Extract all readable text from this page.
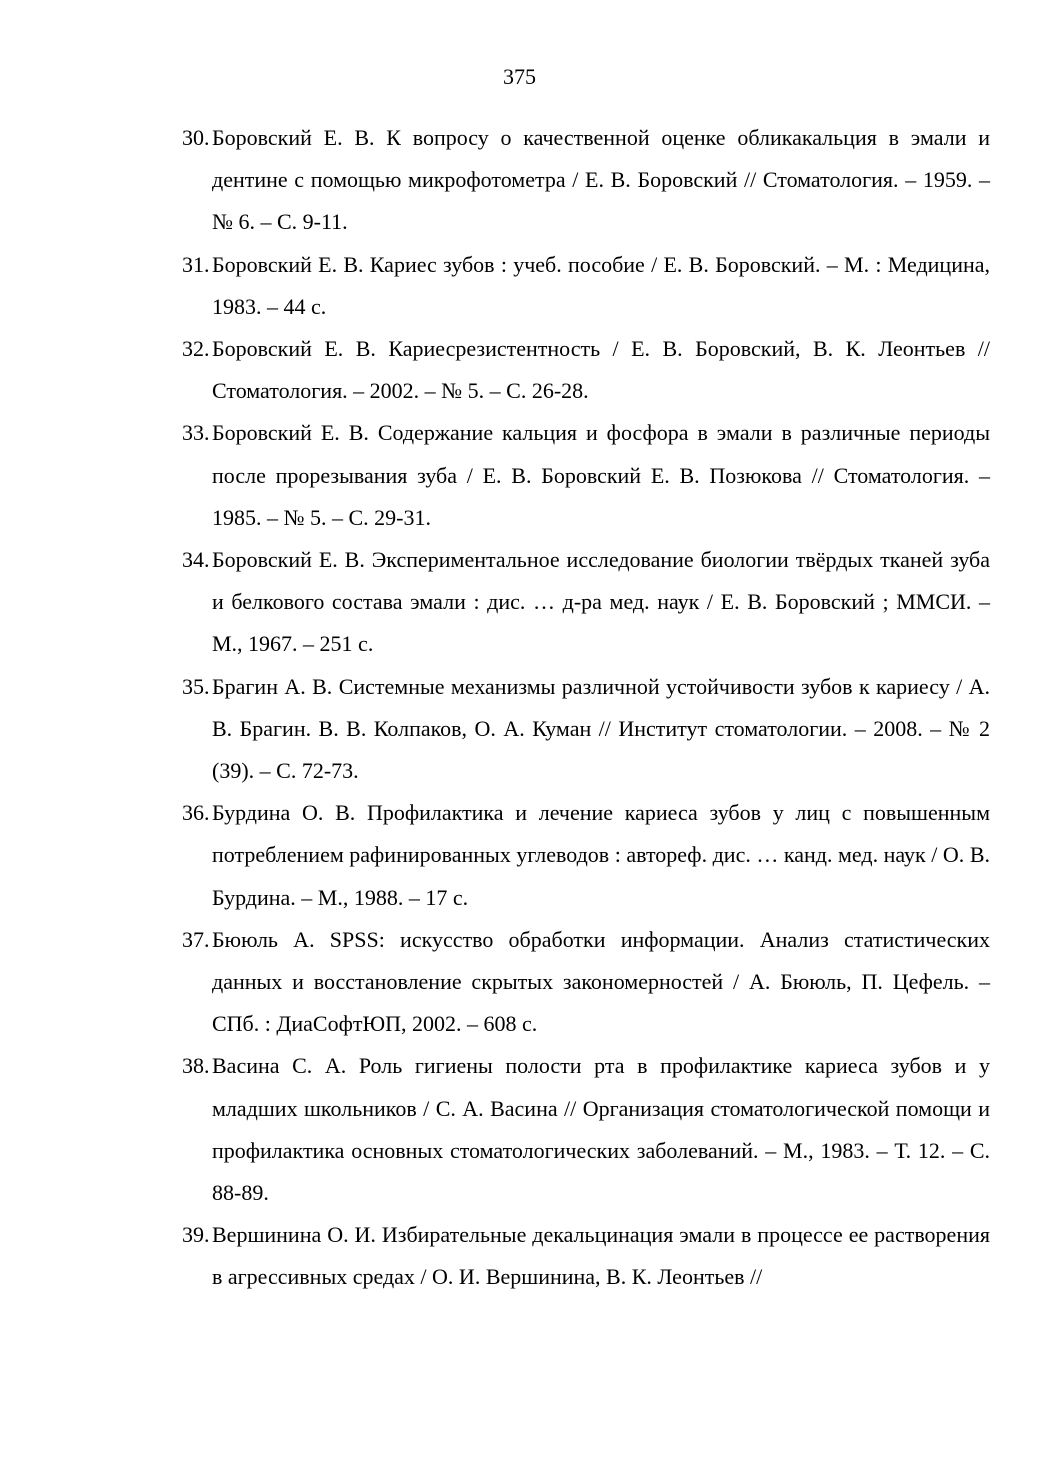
375
30. Боровский Е. В. К вопросу о качественной оценке обликакальция в эмали и дентине с помощью микрофотометра / Е. В. Боровский // Стоматология. – 1959. – № 6. – С. 9-11.
31. Боровский Е. В. Кариес зубов : учеб. пособие / Е. В. Боровский. – М. : Медицина, 1983. – 44 с.
32. Боровский Е. В. Кариесрезистентность / Е. В. Боровский, В. К. Леонтьев // Стоматология. – 2002. – № 5. – С. 26-28.
33. Боровский Е. В. Содержание кальция и фосфора в эмали в различные периоды после прорезывания зуба / Е. В. Боровский Е. В. Позюкова // Стоматология. – 1985. – № 5. – С. 29-31.
34. Боровский Е. В. Экспериментальное исследование биологии твёрдых тканей зуба и белкового состава эмали : дис. … д-ра мед. наук / Е. В. Боровский ; ММСИ. – М., 1967. – 251 с.
35. Брагин А. В. Системные механизмы различной устойчивости зубов к кариесу / А. В. Брагин. В. В. Колпаков, О. А. Куман // Институт стоматологии. – 2008. – № 2 (39). – С. 72-73.
36. Бурдина О. В. Профилактика и лечение кариеса зубов у лиц с повышенным потреблением рафинированных углеводов : автореф. дис. … канд. мед. наук / О. В. Бурдина. – М., 1988. – 17 с.
37. Бююль А. SPSS: искусство обработки информации. Анализ статистических данных и восстановление скрытых закономерностей / А. Бююль, П. Цефель. – СПб. : ДиаСофтЮП, 2002. – 608 с.
38. Васина С. А. Роль гигиены полости рта в профилактике кариеса зубов и у младших школьников / С. А. Васина // Организация стоматологической помощи и профилактика основных стоматологических заболеваний. – М., 1983. – Т. 12. – С. 88-89.
39. Вершинина О. И. Избирательные декальцинация эмали в процессе ее растворения в агрессивных средах / О. И. Вершинина, В. К. Леонтьев //
